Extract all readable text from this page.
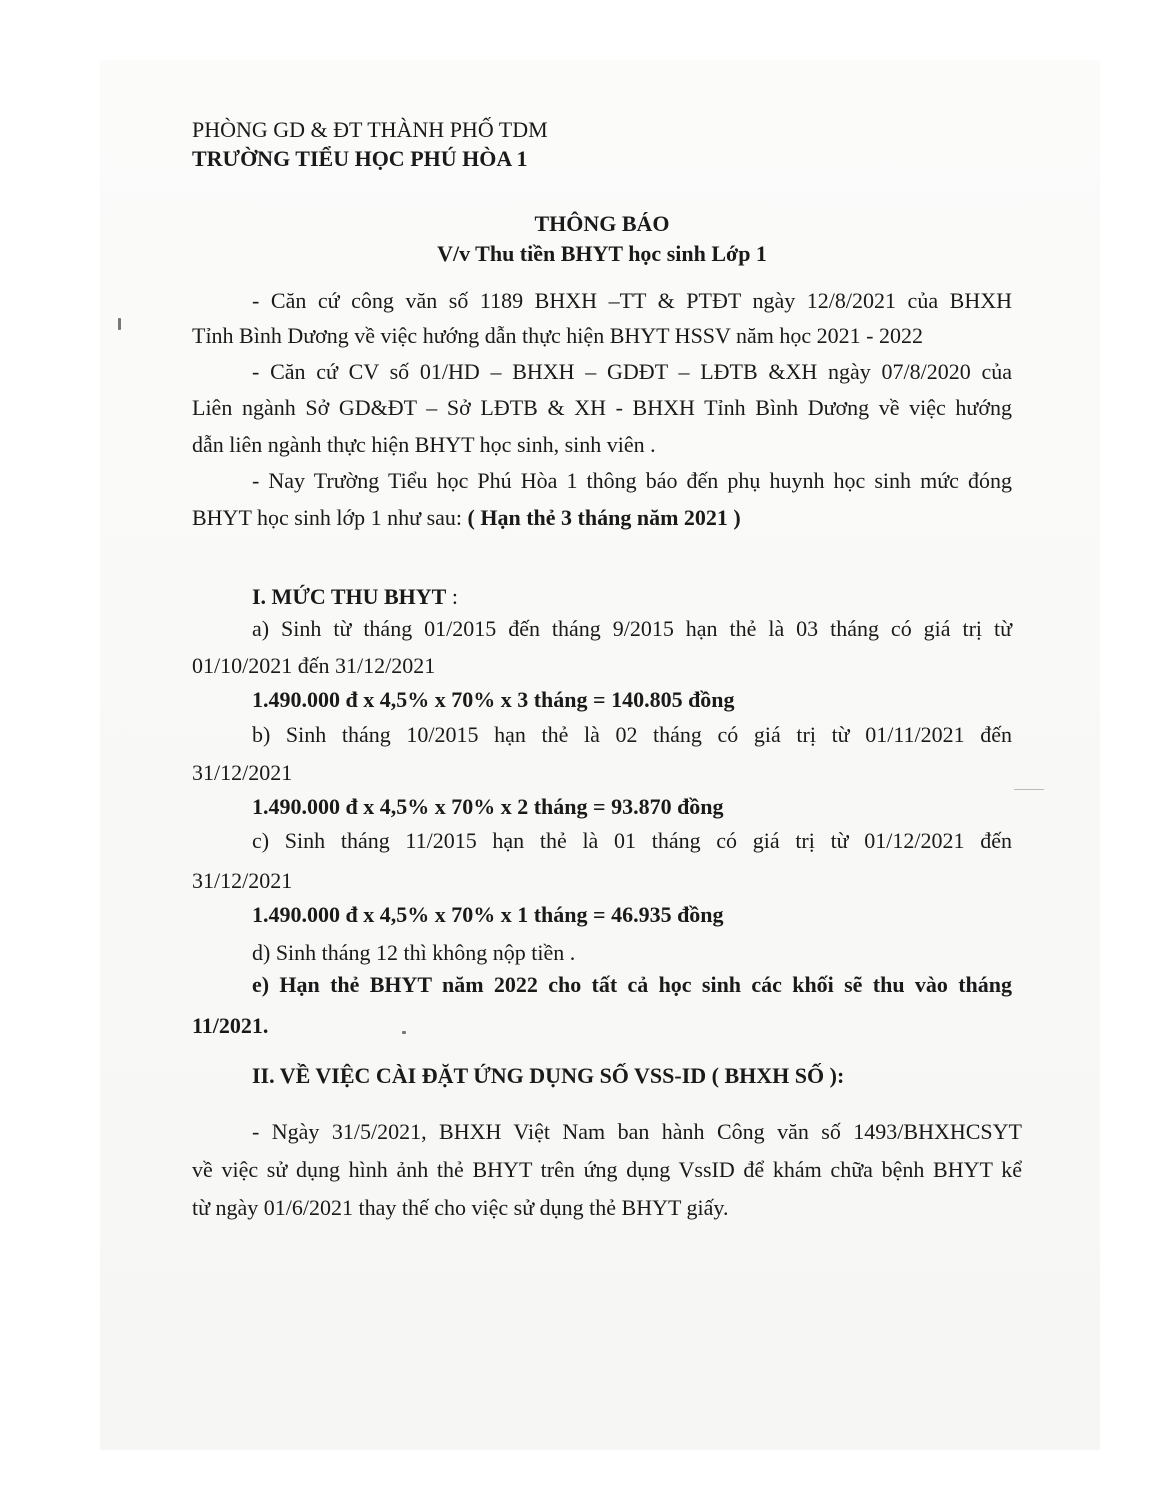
PHÒNG GD & ĐT THÀNH PHỐ TDM
TRƯỜNG TIỂU HỌC PHÚ HÒA 1
THÔNG BÁO
V/v Thu tiền BHYT học sinh Lớp 1
- Căn cứ công văn số 1189 BHXH –TT & PTĐT ngày 12/8/2021 của BHXH
Tỉnh Bình Dương về việc hướng dẫn thực hiện BHYT HSSV năm học 2021 - 2022
- Căn cứ CV số 01/HD – BHXH – GDĐT – LĐTB &XH ngày 07/8/2020 của
Liên ngành Sở GD&ĐT – Sở LĐTB & XH - BHXH Tỉnh Bình Dương về việc hướng
dẫn liên ngành thực hiện BHYT học sinh, sinh viên .
- Nay Trường Tiểu học Phú Hòa 1 thông báo đến phụ huynh học sinh mức đóng
BHYT học sinh lớp 1 như sau: ( Hạn thẻ 3 tháng năm 2021 )
I. MỨC THU BHYT :
a) Sinh từ tháng 01/2015 đến tháng 9/2015 hạn thẻ là 03 tháng có giá trị từ
01/10/2021 đến 31/12/2021
1.490.000 đ x 4,5% x 70% x 3 tháng = 140.805 đồng
b) Sinh tháng 10/2015 hạn thẻ là 02 tháng có giá trị từ 01/11/2021 đến
31/12/2021
1.490.000 đ x 4,5% x 70% x 2 tháng = 93.870 đồng
c) Sinh tháng 11/2015 hạn thẻ là 01 tháng có giá trị từ 01/12/2021 đến
31/12/2021
1.490.000 đ x 4,5% x 70% x 1 tháng = 46.935 đồng
d) Sinh tháng 12 thì không nộp tiền .
e) Hạn thẻ BHYT năm 2022 cho tất cả học sinh các khối sẽ thu vào tháng
11/2021.
II. VỀ VIỆC CÀI ĐẶT ỨNG DỤNG SỐ VSS-ID ( BHXH SỐ ):
- Ngày 31/5/2021, BHXH Việt Nam ban hành Công văn số 1493/BHXHCSYT
về việc sử dụng hình ảnh thẻ BHYT trên ứng dụng VssID để khám chữa bệnh BHYT kể
từ ngày 01/6/2021 thay thế cho việc sử dụng thẻ BHYT giấy.
